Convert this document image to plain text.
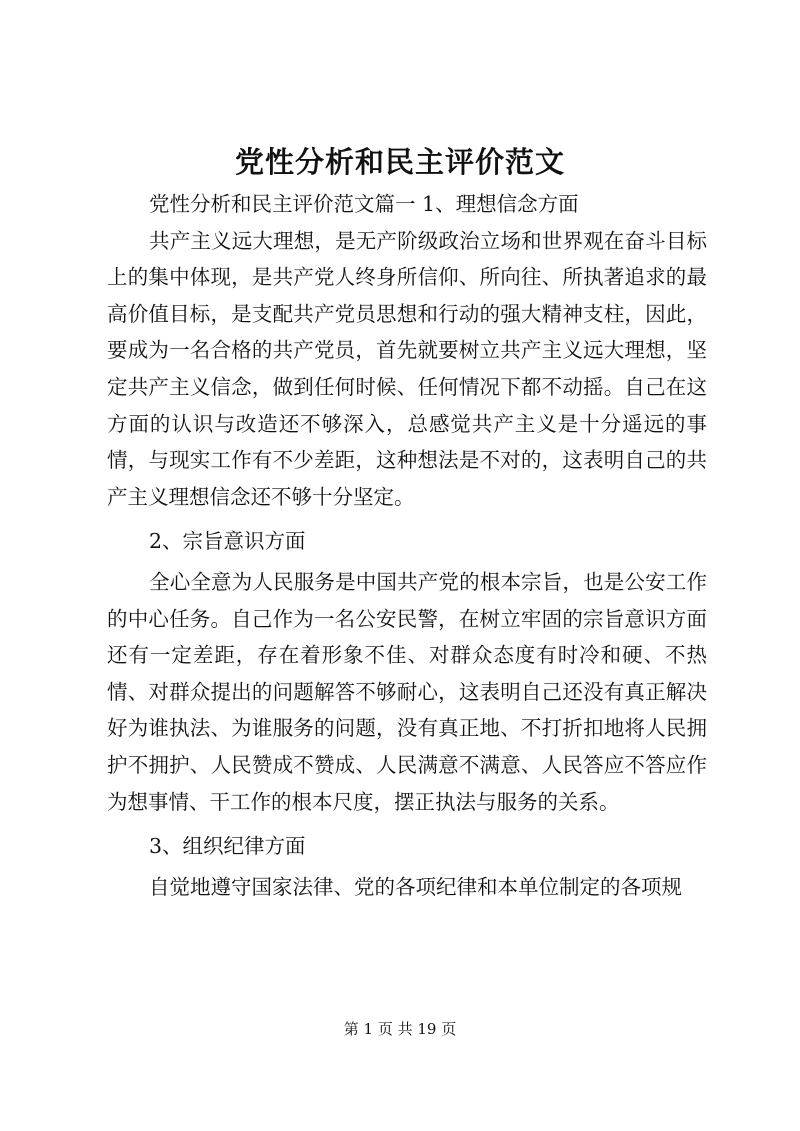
党性分析和民主评价范文

党性分析和民主评价范文篇一 1、理想信念方面

共产主义远大理想，是无产阶级政治立场和世界观在奋斗目标上的集中体现，是共产党人终身所信仰、所向往、所执著追求的最高价值目标，是支配共产党员思想和行动的强大精神支柱，因此，要成为一名合格的共产党员，首先就要树立共产主义远大理想，坚定共产主义信念，做到任何时候、任何情况下都不动摇。自己在这方面的认识与改造还不够深入，总感觉共产主义是十分遥远的事情，与现实工作有不少差距，这种想法是不对的，这表明自己的共产主义理想信念还不够十分坚定。

2、宗旨意识方面

全心全意为人民服务是中国共产党的根本宗旨，也是公安工作的中心任务。自己作为一名公安民警，在树立牢固的宗旨意识方面还有一定差距，存在着形象不佳、对群众态度有时冷和硬、不热情、对群众提出的问题解答不够耐心，这表明自己还没有真正解决好为谁执法、为谁服务的问题，没有真正地、不打折扣地将人民拥护不拥护、人民赞成不赞成、人民满意不满意、人民答应不答应作为想事情、干工作的根本尺度，摆正执法与服务的关系。

3、组织纪律方面

自觉地遵守国家法律、党的各项纪律和本单位制定的各项规

第 1 页 共 19 页
